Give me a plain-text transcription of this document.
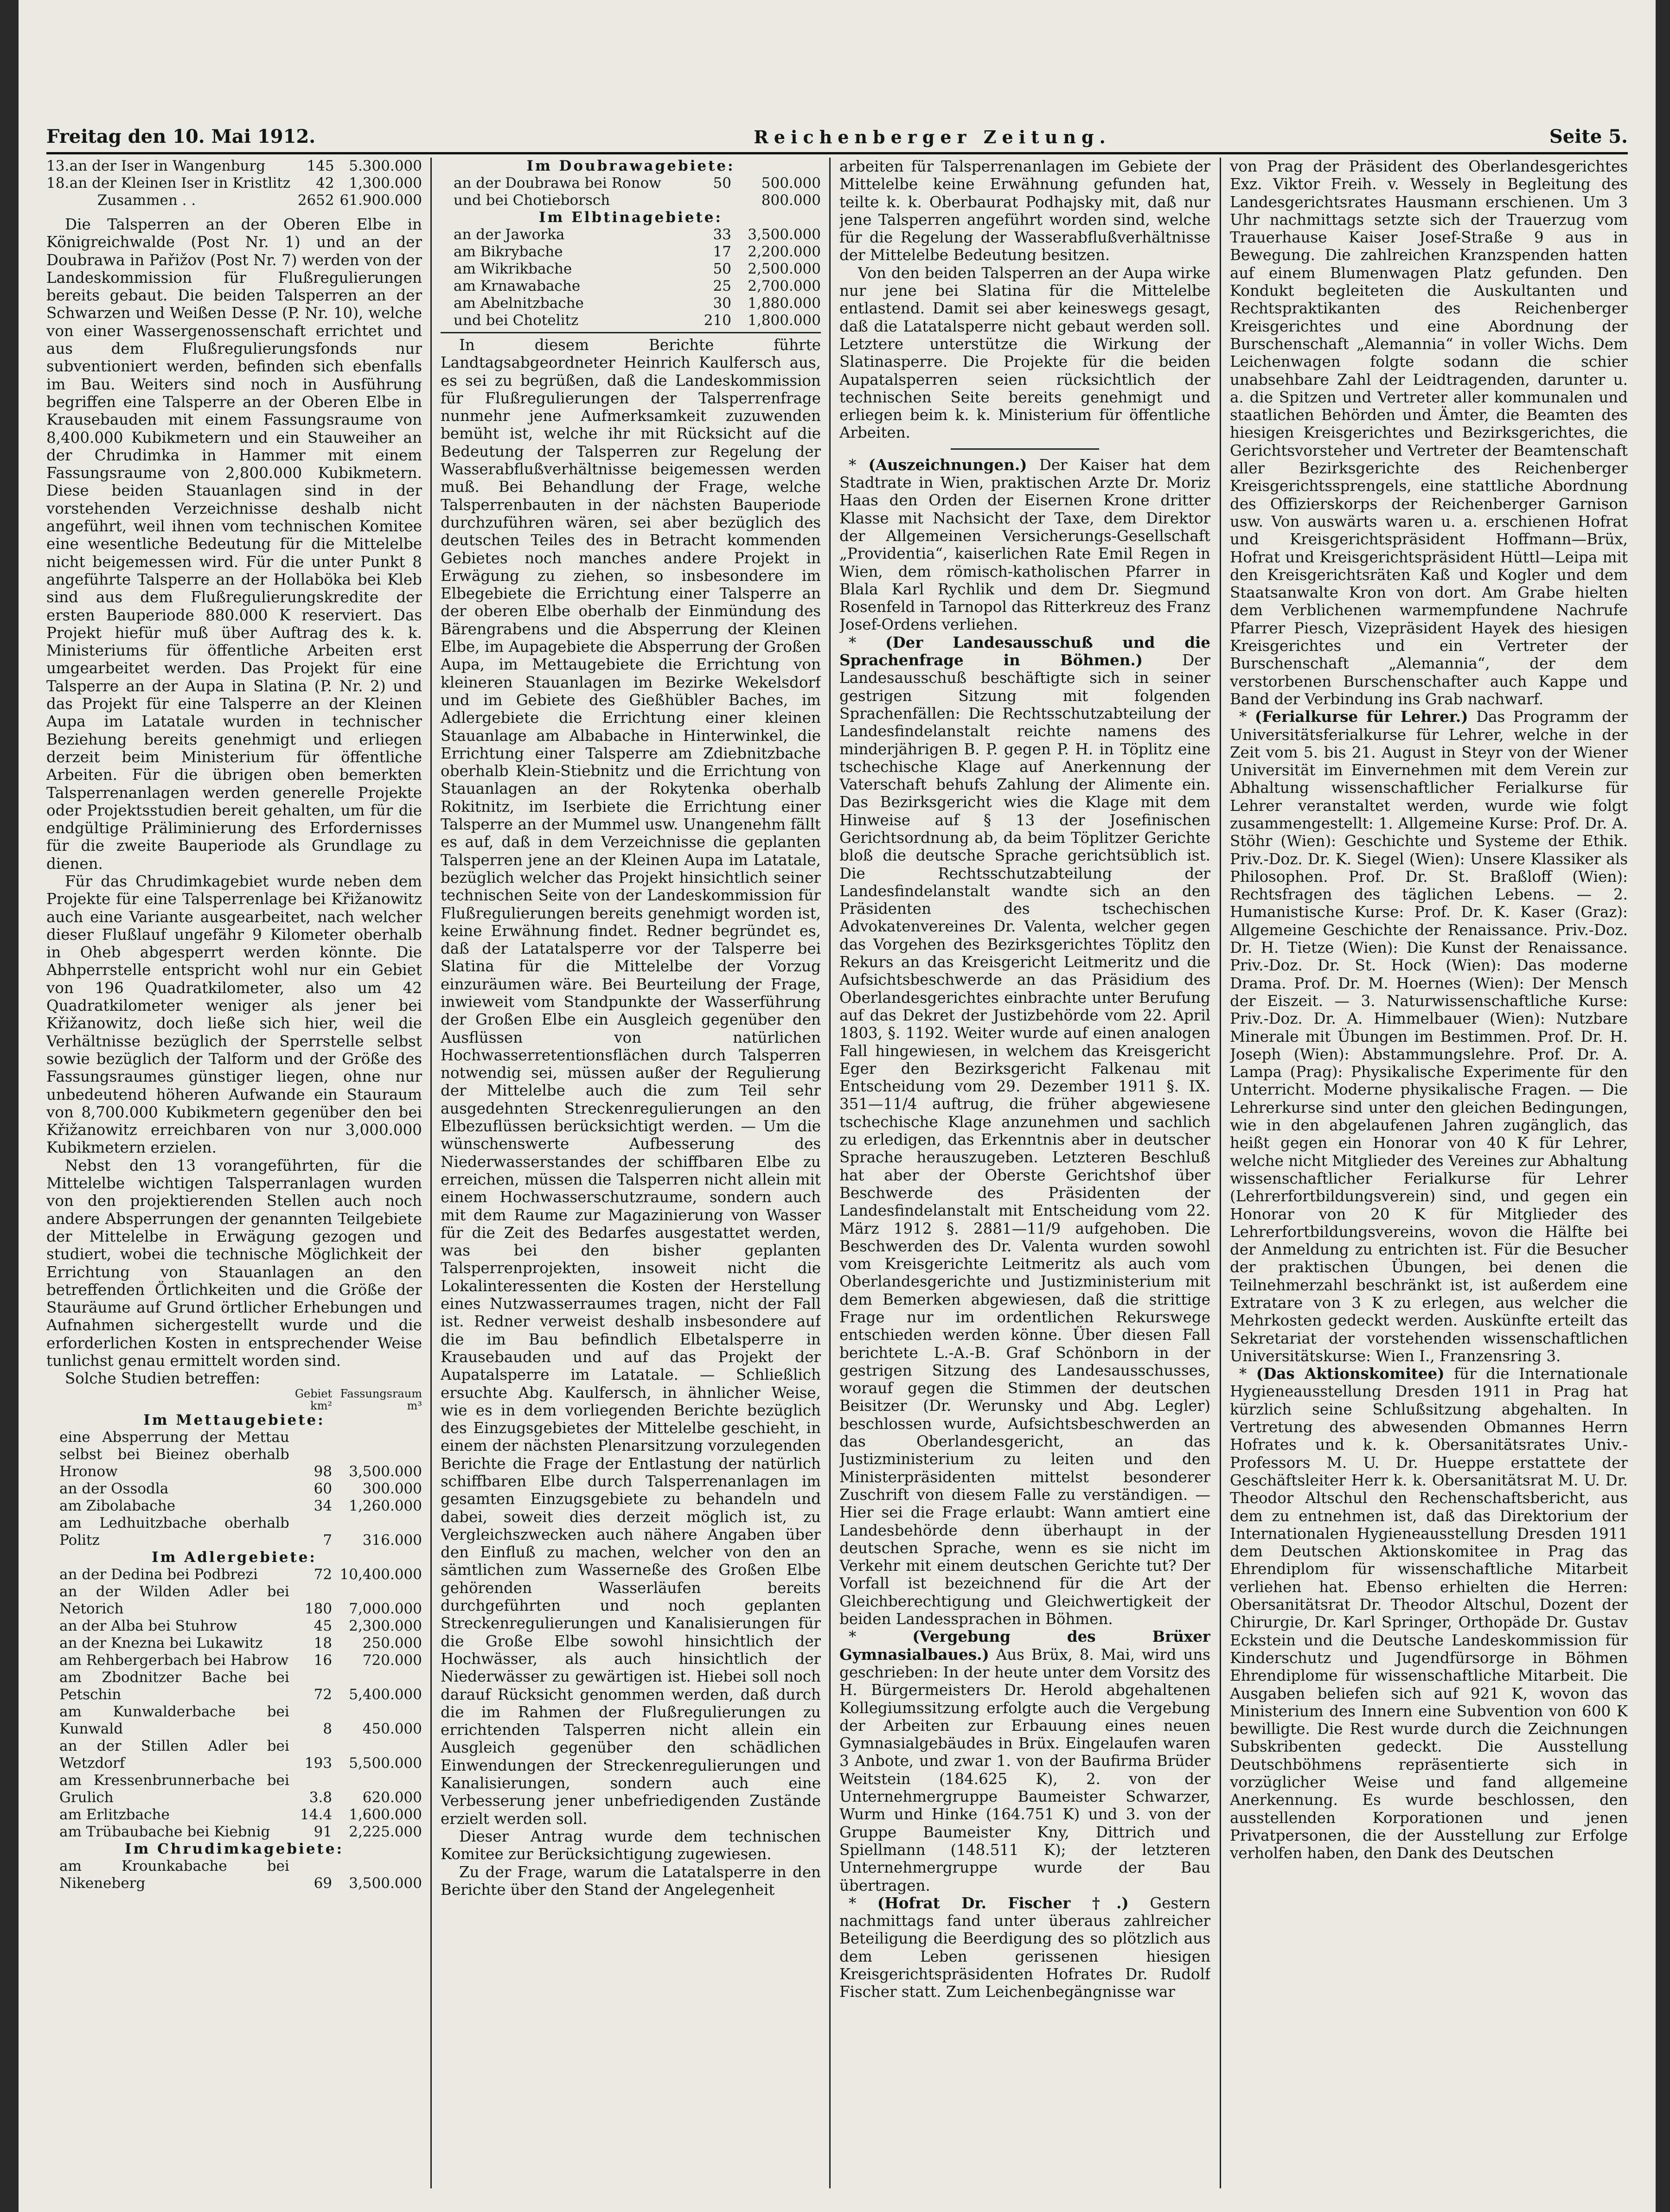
Freitag den 10. Mai 1912.	Reichenberger Zeitung.	Seite 5.
13.	an der Iser in Wangenburg	145	5.300.000
18.	an der Kleinen Iser in Kristlitz	42	1,300.000
	Zusammen . .	2652	61.900.000

Die Talsperren an der Oberen Elbe in Königreichwalde (Post Nr. 1) und an der Doubrawa in Pařižov (Post Nr. 7) werden von der Landeskommission für Flußregulierungen bereits gebaut. Die beiden Talsperren an der Schwarzen und Weißen Desse (P. Nr. 10), welche von einer Wassergenossenschaft errichtet und aus dem Flußregulierungsfonds nur subventioniert werden, befinden sich ebenfalls im Bau. Weiters sind noch in Ausführung begriffen eine Talsperre an der Oberen Elbe in Krausebauden mit einem Fassungsraume von 8,400.000 Kubikmetern und ein Stauweiher an der Chrudimka in Hammer mit einem Fassungsraume von 2,800.000 Kubikmetern. Diese beiden Stauanlagen sind in der vorstehenden Verzeichnisse deshalb nicht angeführt, weil ihnen vom technischen Komitee eine wesentliche Bedeutung für die Mittelelbe nicht beigemessen wird. Für die unter Punkt 8 angeführte Talsperre an der Hollaböka bei Kleb sind aus dem Flußregulierungskredite der ersten Bauperiode 880.000 K reserviert. Das Projekt hiefür muß über Auftrag des k. k. Ministeriums für öffentliche Arbeiten erst umgearbeitet werden. Das Projekt für eine Talsperre an der Aupa in Slatina (P. Nr. 2) und das Projekt für eine Talsperre an der Kleinen Aupa im Latatale wurden in technischer Beziehung bereits genehmigt und erliegen derzeit beim Ministerium für öffentliche Arbeiten. Für die übrigen oben bemerkten Talsperrenanlagen werden generelle Projekte oder Projektsstudien bereit gehalten, um für die endgültige Präliminierung des Erfordernisses für die zweite Bauperiode als Grundlage zu dienen.

Für das Chrudimkagebiet wurde neben dem Projekte für eine Talsperrenlage bei Křižanowitz auch eine Variante ausgearbeitet, nach welcher dieser Flußlauf ungefähr 9 Kilometer oberhalb in Oheb abgesperrt werden könnte. Die Abhperrstelle entspricht wohl nur ein Gebiet von 196 Quadratkilometer, also um 42 Quadratkilometer weniger als jener bei Křižanowitz, doch ließe sich hier, weil die Verhältnisse bezüglich der Sperrstelle selbst sowie bezüglich der Talform und der Größe des Fassungsraumes günstiger liegen, ohne nur unbedeutend höheren Aufwande ein Stauraum von 8,700.000 Kubikmetern gegenüber den bei Křižanowitz erreichbaren von nur 3,000.000 Kubikmetern erzielen.

Nebst den 13 vorangeführten, für die Mittelelbe wichtigen Talsperranlagen wurden von den projektierenden Stellen auch noch andere Absperrungen der genannten Teilgebiete der Mittelelbe in Erwägung gezogen und studiert, wobei die technische Möglichkeit der Errichtung von Stauanlagen an den betreffenden Örtlichkeiten und die Größe der Stauräume auf Grund örtlicher Erhebungen und Aufnahmen sichergestellt wurde und die erforderlichen Kosten in entsprechender Weise tunlichst genau ermittelt worden sind.

Solche Studien betreffen:

	Gebiet km²	Fassungsraum m³
Im Mettaugebiete:		
eine Absperrung der Mettau selbst bei Bieinez oberhalb Hronow	98	3,500.000
an der Ossodla	60	300.000
am Zibolabache	34	1,260.000
am Ledhuitzbache oberhalb Politz	7	316.000
Im Adlergebiete:		
an der Dedina bei Podbrezi	72	10,400.000
an der Wilden Adler bei Netorich	180	7,000.000
an der Alba bei Stuhrow	45	2,300.000
an der Knezna bei Lukawitz	18	250.000
am Rehbergerbach bei Habrow	16	720.000
am Zbodnitzer Bache bei Petschin	72	5,400.000
am Kunwalderbache bei Kunwald	8	450.000
an der Stillen Adler bei Wetzdorf	193	5,500.000
am Kressenbrunnerbache bei Grulich	3.8	620.000
am Erlitzbache	14.4	1,600.000
am Trübaubache bei Kiebnig	91	2,225.000
Im Chrudimkagebiete:		
am Krounkabache bei Nikeneberg	69	3,500.000
Im Doubrawagebiete:		
an der Doubrawa bei Ronow	50	500.000
und bei Chotieborsch		800.000
Im Elbtinagebiete:		
an der Jaworka	33	3,500.000
am Bikrybache	17	2,200.000
am Wikrikbache	50	2,500.000
am Krnawabache	25	2,700.000
am Abelnitzbache	30	1,880.000
und bei Chotelitz	210	1,800.000

In diesem Berichte führte Landtagsabgeordneter Heinrich Kaulfersch aus, es sei zu begrüßen, daß die Landeskommission für Flußregulierungen der Talsperrenfrage nunmehr jene Aufmerksamkeit zuzuwenden bemüht ist, welche ihr mit Rücksicht auf die Bedeutung der Talsperren zur Regelung der Wasserabflußverhältnisse beigemessen werden muß. Bei Behandlung der Frage, welche Talsperrenbauten in der nächsten Bauperiode durchzuführen wären, sei aber bezüglich des deutschen Teiles des in Betracht kommenden Gebietes noch manches andere Projekt in Erwägung zu ziehen, so insbesondere im Elbegebiete die Errichtung einer Talsperre an der oberen Elbe oberhalb der Einmündung des Bärengrabens und die Absperrung der Kleinen Elbe, im Aupagebiete die Absperrung der Großen Aupa, im Mettaugebiete die Errichtung von kleineren Stauanlagen im Bezirke Wekelsdorf und im Gebiete des Gießhübler Baches, im Adlergebiete die Errichtung einer kleinen Stauanlage am Albabache in Hinterwinkel, die Errichtung einer Talsperre am Zdiebnitzbache oberhalb Klein-Stiebnitz und die Errichtung von Stauanlagen an der Rokytenka oberhalb Rokitnitz, im Iserbiete die Errichtung einer Talsperre an der Mummel usw. Unangenehm fällt es auf, daß in dem Verzeichnisse die geplanten Talsperren jene an der Kleinen Aupa im Latatale, bezüglich welcher das Projekt hinsichtlich seiner technischen Seite von der Landeskommission für Flußregulierungen bereits genehmigt worden ist, keine Erwähnung findet. Redner begründet es, daß der Latatalsperre vor der Talsperre bei Slatina für die Mittelelbe der Vorzug einzuräumen wäre. Bei Beurteilung der Frage, inwieweit vom Standpunkte der Wasserführung der Großen Elbe ein Ausgleich gegenüber den Ausflüssen von natürlichen Hochwasserretentionsflächen durch Talsperren notwendig sei, müssen außer der Regulierung der Mittelelbe auch die zum Teil sehr ausgedehnten Streckenregulierungen an den Elbezuflüssen berücksichtigt werden. — Um die wünschenswerte Aufbesserung des Niederwasserstandes der schiffbaren Elbe zu erreichen, müssen die Talsperren nicht allein mit einem Hochwasserschutzraume, sondern auch mit dem Raume zur Magazinierung von Wasser für die Zeit des Bedarfes ausgestattet werden, was bei den bisher geplanten Talsperrenprojekten, insoweit nicht die Lokalinteressenten die Kosten der Herstellung eines Nutzwasserraumes tragen, nicht der Fall ist. Redner verweist deshalb insbesondere auf die im Bau befindlich Elbetalsperre in Krausebauden und auf das Projekt der Aupatalsperre im Latatale. — Schließlich ersuchte Abg. Kaulfersch, in ähnlicher Weise, wie es in dem vorliegenden Berichte bezüglich des Einzugsgebietes der Mittelelbe geschieht, in einem der nächsten Plenarsitzung vorzulegenden Berichte die Frage der Entlastung der natürlich schiffbaren Elbe durch Talsperrenanlagen im gesamten Einzugsgebiete zu behandeln und dabei, soweit dies derzeit möglich ist, zu Vergleichszwecken auch nähere Angaben über den Einfluß zu machen, welcher von den an sämtlichen zum Wasserneße des Großen Elbe gehörenden Wasserläufen bereits durchgeführten und noch geplanten Streckenregulierungen und Kanalisierungen für die Große Elbe sowohl hinsichtlich der Hochwässer, als auch hinsichtlich der Niederwässer zu gewärtigen ist. Hiebei soll noch darauf Rücksicht genommen werden, daß durch die im Rahmen der Flußregulierungen zu errichtenden Talsperren nicht allein ein Ausgleich gegenüber den schädlichen Einwendungen der Streckenregulierungen und Kanalisierungen, sondern auch eine Verbesserung jener unbefriedigenden Zustände erzielt werden soll.

Dieser Antrag wurde dem technischen Komitee zur Berücksichtigung zugewiesen.

Zu der Frage, warum die Latatalsperre in den Berichte über den Stand der Angelegenheit

arbeiten für Talsperrenanlagen im Gebiete der Mittelelbe keine Erwähnung gefunden hat, teilte k. k. Oberbaurat Podhajsky mit, daß nur jene Talsperren angeführt worden sind, welche für die Regelung der Wasserabflußverhältnisse der Mittelelbe Bedeutung besitzen.

Von den beiden Talsperren an der Aupa wirke nur jene bei Slatina für die Mittelelbe entlastend. Damit sei aber keineswegs gesagt, daß die Latatalsperre nicht gebaut werden soll. Letztere unterstütze die Wirkung der Slatinasperre. Die Projekte für die beiden Aupatalsperren seien rücksichtlich der technischen Seite bereits genehmigt und erliegen beim k. k. Ministerium für öffentliche Arbeiten.

* (Auszeichnungen.) Der Kaiser hat dem Stadtrate in Wien, praktischen Arzte Dr. Moriz Haas den Orden der Eisernen Krone dritter Klasse mit Nachsicht der Taxe, dem Direktor der Allgemeinen Versicherungs-Gesellschaft „Providentia“, kaiserlichen Rate Emil Regen in Wien, dem römisch-katholischen Pfarrer in Blala Karl Rychlik und dem Dr. Siegmund Rosenfeld in Tarnopol das Ritterkreuz des Franz Josef-Ordens verliehen.

* (Der Landesausschuß und die Sprachenfrage in Böhmen.)	Der Landesausschuß beschäftigte sich in seiner gestrigen Sitzung mit folgenden Sprachenfällen: Die Rechtsschutzabteilung der Landesfindelanstalt reichte namens des minderjährigen B. P. gegen P. H. in Töplitz eine tschechische Klage auf Anerkennung der Vaterschaft behufs Zahlung der Alimente ein. Das Bezirksgericht wies die Klage mit dem Hinweise auf § 13 der Josefinischen Gerichtsordnung ab, da beim Töplitzer Gerichte bloß die deutsche Sprache gerichtsüblich ist. Die Rechtsschutzabteilung der Landesfindelanstalt wandte sich an den Präsidenten des tschechischen Advokatenvereines Dr. Valenta, welcher gegen das Vorgehen des Bezirksgerichtes Töplitz den Rekurs an das Kreisgericht Leitmeritz und die Aufsichtsbeschwerde an das Präsidium des Oberlandesgerichtes einbrachte unter Berufung auf das Dekret der Justizbehörde vom 22. April 1803, §. 1192. Weiter wurde auf einen analogen Fall hingewiesen, in welchem das Kreisgericht Eger den Bezirksgericht Falkenau mit Entscheidung vom 29. Dezember 1911 §. IX. 351—11/4 auftrug, die früher abgewiesene tschechische Klage anzunehmen und sachlich zu erledigen, das Erkenntnis aber in deutscher Sprache herauszugeben. Letzteren Beschluß hat aber der Oberste Gerichtshof über Beschwerde des Präsidenten der Landesfindelanstalt mit Entscheidung vom 22. März 1912 §. 2881—11/9 aufgehoben. Die Beschwerden des Dr. Valenta wurden sowohl vom Kreisgerichte Leitmeritz als auch vom Oberlandesgerichte und Justizministerium mit dem Bemerken abgewiesen, daß die strittige Frage nur im ordentlichen Rekurswege entschieden werden könne. Über diesen Fall berichtete L.-A.-B. Graf Schönborn in der gestrigen Sitzung des Landesausschusses, worauf gegen die Stimmen der deutschen Beisitzer (Dr. Werunsky und Abg. Legler) beschlossen wurde, Aufsichtsbeschwerden an das Oberlandesgericht, an das Justizministerium zu leiten und den Ministerpräsidenten mittelst besonderer Zuschrift von diesem Falle zu verständigen. — Hier sei die Frage erlaubt: Wann amtiert eine Landesbehörde denn überhaupt in der deutschen Sprache, wenn es sie nicht im Verkehr mit einem deutschen Gerichte tut? Der Vorfall ist bezeichnend für die Art der Gleichberechtigung und Gleichwertigkeit der beiden Landessprachen in Böhmen.

* (Vergebung des Brüxer Gymnasialbaues.) Aus Brüx, 8. Mai, wird uns geschrieben: In der heute unter dem Vorsitz des H. Bürgermeisters Dr. Herold abgehaltenen Kollegiumssitzung erfolgte auch die Vergebung der Arbeiten zur Erbauung eines neuen Gymnasialgebäudes in Brüx. Eingelaufen waren 3 Anbote, und zwar 1. von der Baufirma Brüder Weitstein (184.625 K), 2. von der Unternehmergruppe Baumeister Schwarzer, Wurm und Hinke (164.751 K) und 3. von der Gruppe Baumeister Kny, Dittrich und Spiellmann (148.511 K); der letzteren Unternehmergruppe wurde der Bau übertragen.

* (Hofrat Dr. Fischer †.) Gestern nachmittags fand unter überaus zahlreicher Beteiligung die Beerdigung des so plötzlich aus dem Leben gerissenen hiesigen Kreisgerichtspräsidenten Hofrates Dr. Rudolf Fischer statt. Zum Leichenbegängnisse war

von Prag der Präsident des Oberlandesgerichtes Exz. Viktor Freih. v. Wessely in Begleitung des Landesgerichtsrates Hausmann erschienen. Um 3 Uhr nachmittags setzte sich der Trauerzug vom Trauerhause Kaiser Josef-Straße 9 aus in Bewegung. Die zahlreichen Kranzspenden hatten auf einem Blumenwagen Platz gefunden. Den Kondukt begleiteten die Auskultanten und Rechtspraktikanten des Reichenberger Kreisgerichtes und eine Abordnung der Burschenschaft „Alemannia“ in voller Wichs. Dem Leichenwagen folgte sodann die schier unabsehbare Zahl der Leidtragenden, darunter u. a. die Spitzen und Vertreter aller kommunalen und staatlichen Behörden und Ämter, die Beamten des hiesigen Kreisgerichtes und Bezirksgerichtes, die Gerichtsvorsteher und Vertreter der Beamtenschaft aller Bezirksgerichte des Reichenberger Kreisgerichtssprengels, eine stattliche Abordnung des Offizierskorps der Reichenberger Garnison usw. Von auswärts waren u. a. erschienen Hofrat und Kreisgerichtspräsident Hoffmann—Brüx, Hofrat und Kreisgerichtspräsident Hüttl—Leipa mit den Kreisgerichtsräten Kaß und Kogler und dem Staatsanwalte Kron von dort. Am Grabe hielten dem Verblichenen warmempfundene Nachrufe Pfarrer Piesch, Vizepräsident Hayek des hiesigen Kreisgerichtes und ein Vertreter der Burschenschaft „Alemannia“, der dem verstorbenen Burschenschafter auch Kappe und Band der Verbindung ins Grab nachwarf.

* (Ferialkurse für Lehrer.) Das Programm der Universitätsferialkurse für Lehrer, welche in der Zeit vom 5. bis 21. August in Steyr von der Wiener Universität im Einvernehmen mit dem Verein zur Abhaltung wissenschaftlicher Ferialkurse für Lehrer veranstaltet werden, wurde wie folgt zusammengestellt: 1. Allgemeine Kurse: Prof. Dr. A. Stöhr (Wien): Geschichte und Systeme der Ethik. Priv.-Doz. Dr. K. Siegel (Wien): Unsere Klassiker als Philosophen. Prof. Dr. St. Braßloff (Wien): Rechtsfragen des täglichen Lebens. — 2. Humanistische Kurse: Prof. Dr. K. Kaser (Graz): Allgemeine Geschichte der Renaissance. Priv.-Doz. Dr. H. Tietze (Wien): Die Kunst der Renaissance. Priv.-Doz. Dr. St. Hock (Wien): Das moderne Drama. Prof. Dr. M. Hoernes (Wien): Der Mensch der Eiszeit. — 3. Naturwissenschaftliche Kurse: Priv.-Doz. Dr. A. Himmelbauer (Wien): Nutzbare Minerale mit Übungen im Bestimmen. Prof. Dr. H. Joseph (Wien): Abstammungslehre. Prof. Dr. A. Lampa (Prag): Physikalische Experimente für den Unterricht. Moderne physikalische Fragen. — Die Lehrerkurse sind unter den gleichen Bedingungen, wie in den abgelaufenen Jahren zugänglich, das heißt gegen ein Honorar von 40 K für Lehrer, welche nicht Mitglieder des Vereines zur Abhaltung wissenschaftlicher Ferialkurse für Lehrer (Lehrerfortbildungsverein) sind, und gegen ein Honorar von 20 K für Mitglieder des Lehrerfortbildungsvereins, wovon die Hälfte bei der Anmeldung zu entrichten ist. Für die Besucher der praktischen Übungen, bei denen die Teilnehmerzahl beschränkt ist, ist außerdem eine Extratare von 3 K zu erlegen, aus welcher die Mehrkosten gedeckt werden. Auskünfte erteilt das Sekretariat der vorstehenden wissenschaftlichen Universitätskurse: Wien I., Franzensring 3.

* (Das Aktionskomitee) für die Internationale Hygieneausstellung Dresden 1911 in Prag hat kürzlich seine Schlußsitzung abgehalten. In Vertretung des abwesenden Obmannes Herrn Hofrates und k. k. Obersanitätsrates Univ.-Professors M. U. Dr. Hueppe erstattete der Geschäftsleiter Herr k. k. Obersanitätsrat M. U. Dr. Theodor Altschul den Rechenschaftsbericht, aus dem zu entnehmen ist, daß das Direktorium der Internationalen Hygieneausstellung Dresden 1911 dem Deutschen Aktionskomitee in Prag das Ehrendiplom für wissenschaftliche Mitarbeit verliehen hat. Ebenso erhielten die Herren: Obersanitätsrat Dr. Theodor Altschul, Dozent der Chirurgie, Dr. Karl Springer, Orthopäde Dr. Gustav Eckstein und die Deutsche Landeskommission für Kinderschutz und Jugendfürsorge in Böhmen Ehrendiplome für wissenschaftliche Mitarbeit. Die Ausgaben beliefen sich auf 921 K, wovon das Ministerium des Innern eine Subvention von 600 K bewilligte. Die Rest wurde durch die Zeichnungen Subskribenten gedeckt. Die Ausstellung Deutschböhmens repräsentierte sich in vorzüglicher Weise und fand allgemeine Anerkennung. Es wurde beschlossen, den ausstellenden Korporationen und jenen Privatpersonen, die der Ausstellung zur Erfolge verholfen haben, den Dank des Deutschen
